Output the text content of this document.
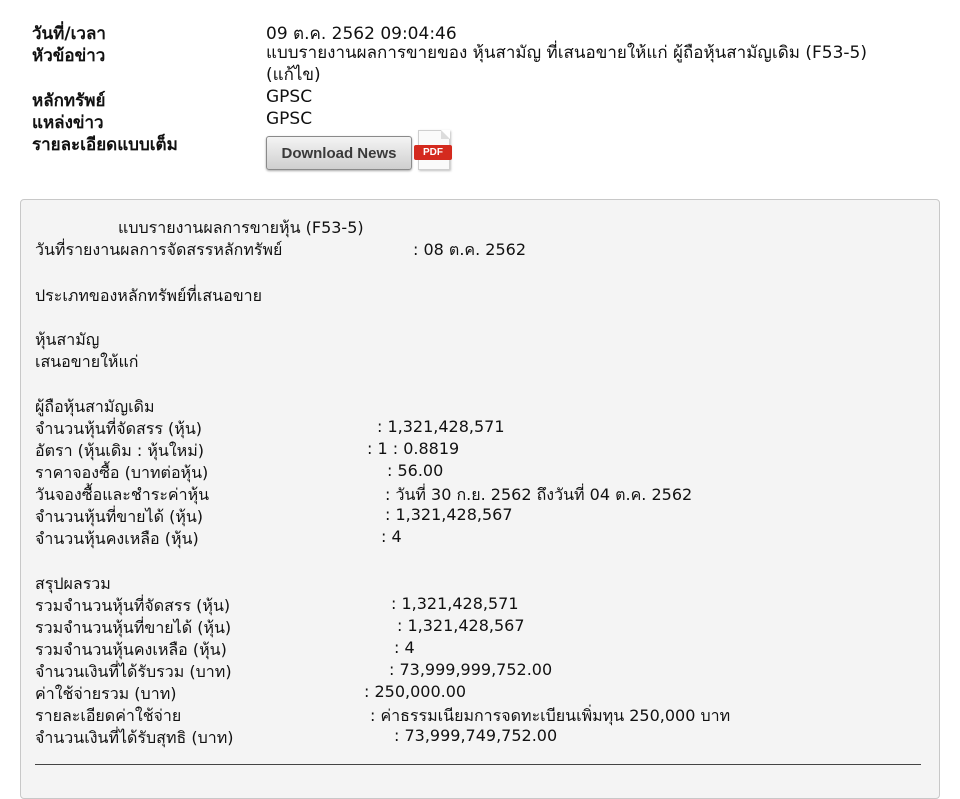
วันที่/เวลา	09 ต.ค. 2562 09:04:46
หัวข้อข่าว	แบบรายงานผลการขายของ หุ้นสามัญ ที่เสนอขายให้แก่ ผู้ถือหุ้นสามัญเดิม (F53-5) (แก้ไข)
หลักทรัพย์	GPSC
แหล่งข่าว	GPSC
รายละเอียดแบบเต็ม	Download News	PDF
แบบรายงานผลการขายหุ้น (F53-5)
วันที่รายงานผลการจัดสรรหลักทรัพย์	: 08 ต.ค. 2562
ประเภทของหลักทรัพย์ที่เสนอขาย
หุ้นสามัญ
เสนอขายให้แก่
ผู้ถือหุ้นสามัญเดิม
จำนวนหุ้นที่จัดสรร (หุ้น)	: 1,321,428,571
อัตรา (หุ้นเดิม : หุ้นใหม่)	: 1 : 0.8819
ราคาจองซื้อ (บาทต่อหุ้น)	: 56.00
วันจองซื้อและชำระค่าหุ้น	: วันที่ 30 ก.ย. 2562 ถึงวันที่ 04 ต.ค. 2562
จำนวนหุ้นที่ขายได้ (หุ้น)	: 1,321,428,567
จำนวนหุ้นคงเหลือ (หุ้น)	: 4
สรุปผลรวม
รวมจำนวนหุ้นที่จัดสรร (หุ้น)	: 1,321,428,571
รวมจำนวนหุ้นที่ขายได้ (หุ้น)	: 1,321,428,567
รวมจำนวนหุ้นคงเหลือ (หุ้น)	: 4
จำนวนเงินที่ได้รับรวม (บาท)	: 73,999,999,752.00
ค่าใช้จ่ายรวม (บาท)	: 250,000.00
รายละเอียดค่าใช้จ่าย	: ค่าธรรมเนียมการจดทะเบียนเพิ่มทุน 250,000 บาท
จำนวนเงินที่ได้รับสุทธิ (บาท)	: 73,999,749,752.00
